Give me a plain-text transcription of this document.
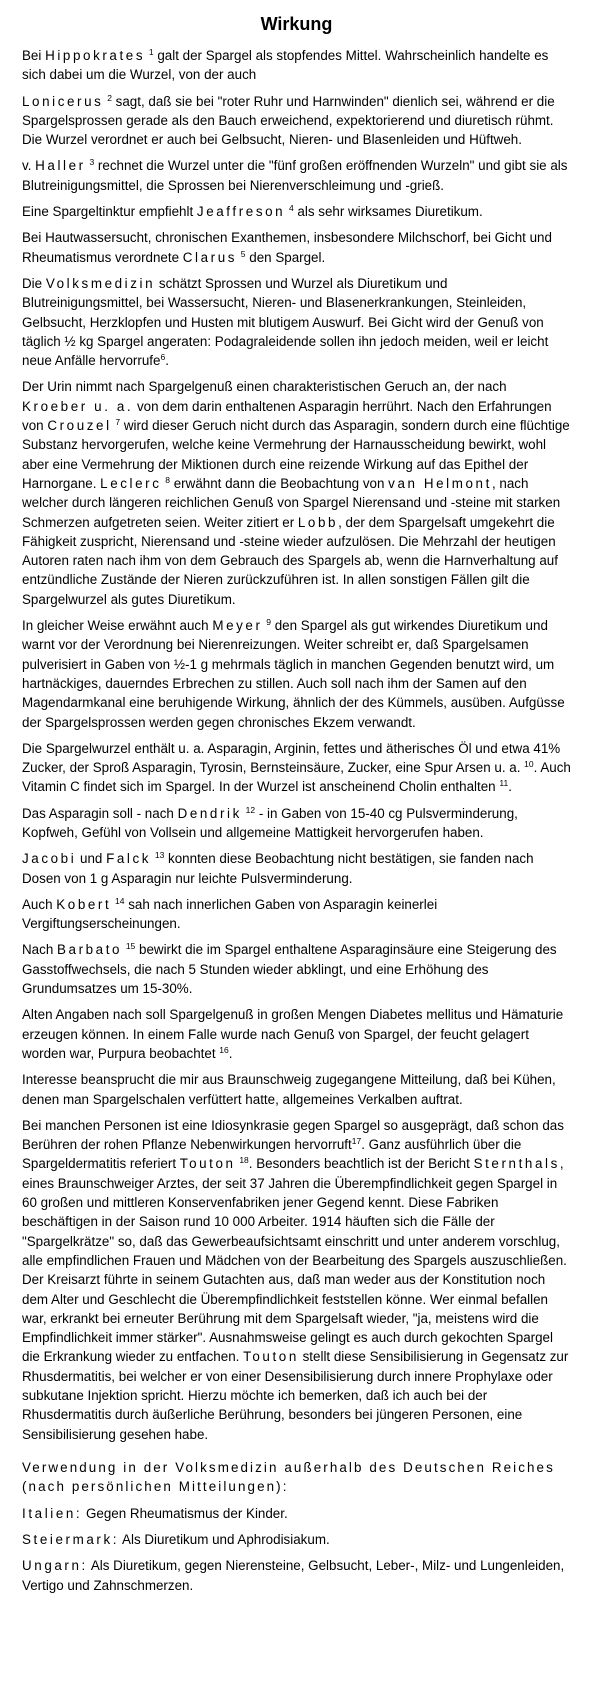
Wirkung

Bei Hippokrates $^1$ galt der Spargel als stopfendes Mittel. Wahrscheinlich handelte es sich dabei um die Wurzel, von der auch

Lonicerus $^2$ sagt, daß sie bei "roter Ruhr und Harnwinden" dienlich sei, während er die Spargelsprossen gerade als den Bauch erweichend, expektorierend und diuretisch rühmt. Die Wurzel verordnet er auch bei Gelbsucht, Nieren- und Blasenleiden und Hüftweh.

v. Haller $^3$ rechnet die Wurzel unter die "fünf großen eröffnenden Wurzeln" und gibt sie als Blutreinigungsmittel, die Sprossen bei Nierenverschleimung und -grieß.

Eine Spargeltinktur empfiehlt Jeaffreson $^4$ als sehr wirksames Diuretikum.

Bei Hautwassersucht, chronischen Exanthemen, insbesondere Milchschorf, bei Gicht und Rheumatismus verordnete Clarus $^5$ den Spargel.

Die Volksmedizin schätzt Sprossen und Wurzel als Diuretikum und Blutreinigungsmittel, bei Wassersucht, Nieren- und Blasenerkrankungen, Steinleiden, Gelbsucht, Herzklopfen und Husten mit blutigem Auswurf. Bei Gicht wird der Genuß von täglich ½ kg Spargel angeraten: Podagraleidende sollen ihn jedoch meiden, weil er leicht neue Anfälle hervorrufe$^6$.

Der Urin nimmt nach Spargelgenuß einen charakteristischen Geruch an, der nach Kroeber u. a. von dem darin enthaltenen Asparagin herrührt. Nach den Erfahrungen von Crouzel $^7$ wird dieser Geruch nicht durch das Asparagin, sondern durch eine flüchtige Substanz hervorgerufen, welche keine Vermehrung der Harnausscheidung bewirkt, wohl aber eine Vermehrung der Miktionen durch eine reizende Wirkung auf das Epithel der Harnorgane. Leclerc $^8$ erwähnt dann die Beobachtung von van Helmont, nach welcher durch längeren reichlichen Genuß von Spargel Nierensand und -steine mit starken Schmerzen aufgetreten seien. Weiter zitiert er Lobb, der dem Spargelsaft umgekehrt die Fähigkeit zuspricht, Nierensand und -steine wieder aufzulösen. Die Mehrzahl der heutigen Autoren raten nach ihm von dem Gebrauch des Spargels ab, wenn die Harnverhaltung auf entzündliche Zustände der Nieren zurückzuführen ist. In allen sonstigen Fällen gilt die Spargelwurzel als gutes Diuretikum.

In gleicher Weise erwähnt auch Meyer $^9$ den Spargel als gut wirkendes Diuretikum und warnt vor der Verordnung bei Nierenreizungen. Weiter schreibt er, daß Spargelsamen pulverisiert in Gaben von ½-1 g mehrmals täglich in manchen Gegenden benutzt wird, um hartnäckiges, dauerndes Erbrechen zu stillen. Auch soll nach ihm der Samen auf den Magendarmkanal eine beruhigende Wirkung, ähnlich der des Kümmels, ausüben. Aufgüsse der Spargelsprossen werden gegen chronisches Ekzem verwandt.

Die Spargelwurzel enthält u. a. Asparagin, Arginin, fettes und ätherisches Öl und etwa 41% Zucker, der Sproß Asparagin, Tyrosin, Bernsteinsäure, Zucker, eine Spur Arsen u. a. $^{10}$. Auch Vitamin C findet sich im Spargel. In der Wurzel ist anscheinend Cholin enthalten $^{11}$.

Das Asparagin soll - nach Dendrik $^{12}$ - in Gaben von 15-40 cg Pulsverminderung, Kopfweh, Gefühl von Vollsein und allgemeine Mattigkeit hervorgerufen haben.

Jacobi und Falck $^{13}$ konnten diese Beobachtung nicht bestätigen, sie fanden nach Dosen von 1 g Asparagin nur leichte Pulsverminderung.

Auch Kobert $^{14}$ sah nach innerlichen Gaben von Asparagin keinerlei Vergiftungserscheinungen.

Nach Barbato $^{15}$ bewirkt die im Spargel enthaltene Asparaginsäure eine Steigerung des Gasstoffwechsels, die nach 5 Stunden wieder abklingt, und eine Erhöhung des Grundumsatzes um 15-30%.

Alten Angaben nach soll Spargelgenuß in großen Mengen Diabetes mellitus und Hämaturie erzeugen können. In einem Falle wurde nach Genuß von Spargel, der feucht gelagert worden war, Purpura beobachtet $^{16}$.

Interesse beansprucht die mir aus Braunschweig zugegangene Mitteilung, daß bei Kühen, denen man Spargelschalen verfüttert hatte, allgemeines Verkalben auftrat.

Bei manchen Personen ist eine Idiosynkrasie gegen Spargel so ausgeprägt, daß schon das Berühren der rohen Pflanze Nebenwirkungen hervorruft$^{17}$. Ganz ausführlich über die Spargeldermatitis referiert Touton $^{18}$. Besonders beachtlich ist der Bericht Sternthals, eines Braunschweiger Arztes, der seit 37 Jahren die Überempfindlichkeit gegen Spargel in 60 großen und mittleren Konservenfabriken jener Gegend kennt. Diese Fabriken beschäftigen in der Saison rund 10 000 Arbeiter. 1914 häuften sich die Fälle der "Spargelkrätze" so, daß das Gewerbeaufsichtsamt einschritt und unter anderem vorschlug, alle empfindlichen Frauen und Mädchen von der Bearbeitung des Spargels auszuschließen. Der Kreisarzt führte in seinem Gutachten aus, daß man weder aus der Konstitution noch dem Alter und Geschlecht die Überempfindlichkeit feststellen könne. Wer einmal befallen war, erkrankt bei erneuter Berührung mit dem Spargelsaft wieder, "ja, meistens wird die Empfindlichkeit immer stärker". Ausnahmsweise gelingt es auch durch gekochten Spargel die Erkrankung wieder zu entfachen. Touton stellt diese Sensibilisierung in Gegensatz zur Rhusdermatitis, bei welcher er von einer Desensibilisierung durch innere Prophylaxe oder subkutane Injektion spricht. Hierzu möchte ich bemerken, daß ich auch bei der Rhusdermatitis durch äußerliche Berührung, besonders bei jüngeren Personen, eine Sensibilisierung gesehen habe.

Verwendung in der Volksmedizin außerhalb des Deutschen Reiches (nach persönlichen Mitteilungen):

Italien: Gegen Rheumatismus der Kinder.

Steiermark: Als Diuretikum und Aphrodisiakum.

Ungarn: Als Diuretikum, gegen Nierensteine, Gelbsucht, Leber-, Milz- und Lungenleiden, Vertigo und Zahnschmerzen.
